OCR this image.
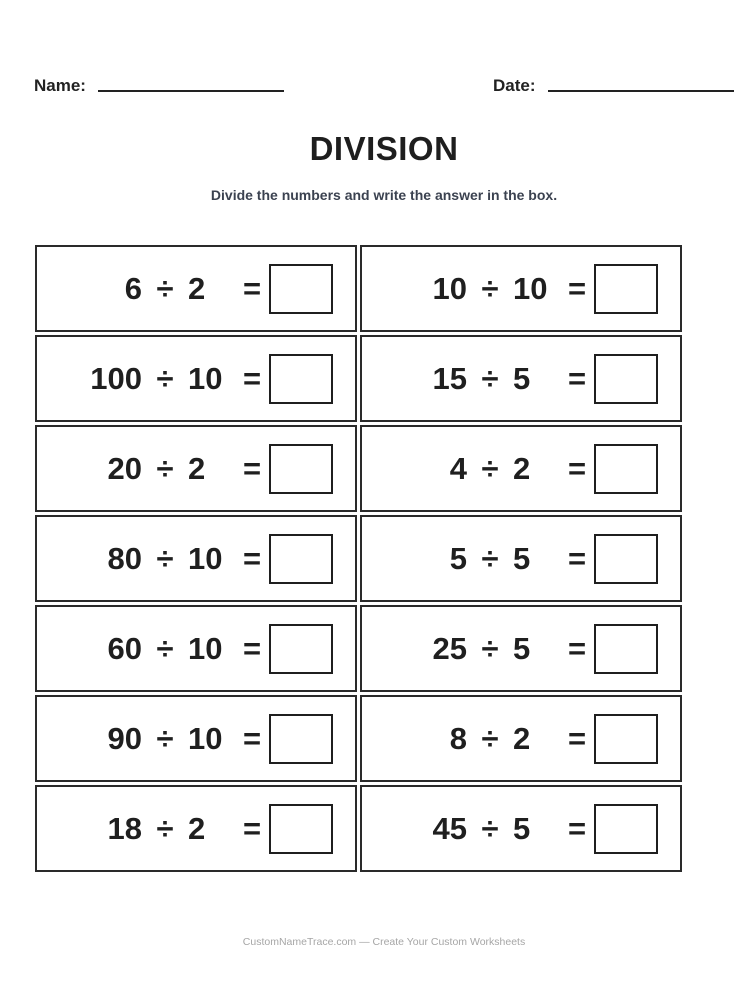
Name:	Date:
DIVISION
Divide the numbers and write the answer in the box.
6 ÷ 2	=	10 ÷ 10 =
100 ÷ 10 =	15 ÷ 5	=
20 ÷ 2	=	4 ÷ 2	=
80 ÷ 10 =	5 ÷ 5	=
60 ÷ 10 =	25 ÷ 5	=
90 ÷ 10 =	8 ÷ 2	=
18 ÷ 2	=	45 ÷ 5	=
CustomNameTrace.com — Create Your Custom Worksheets
